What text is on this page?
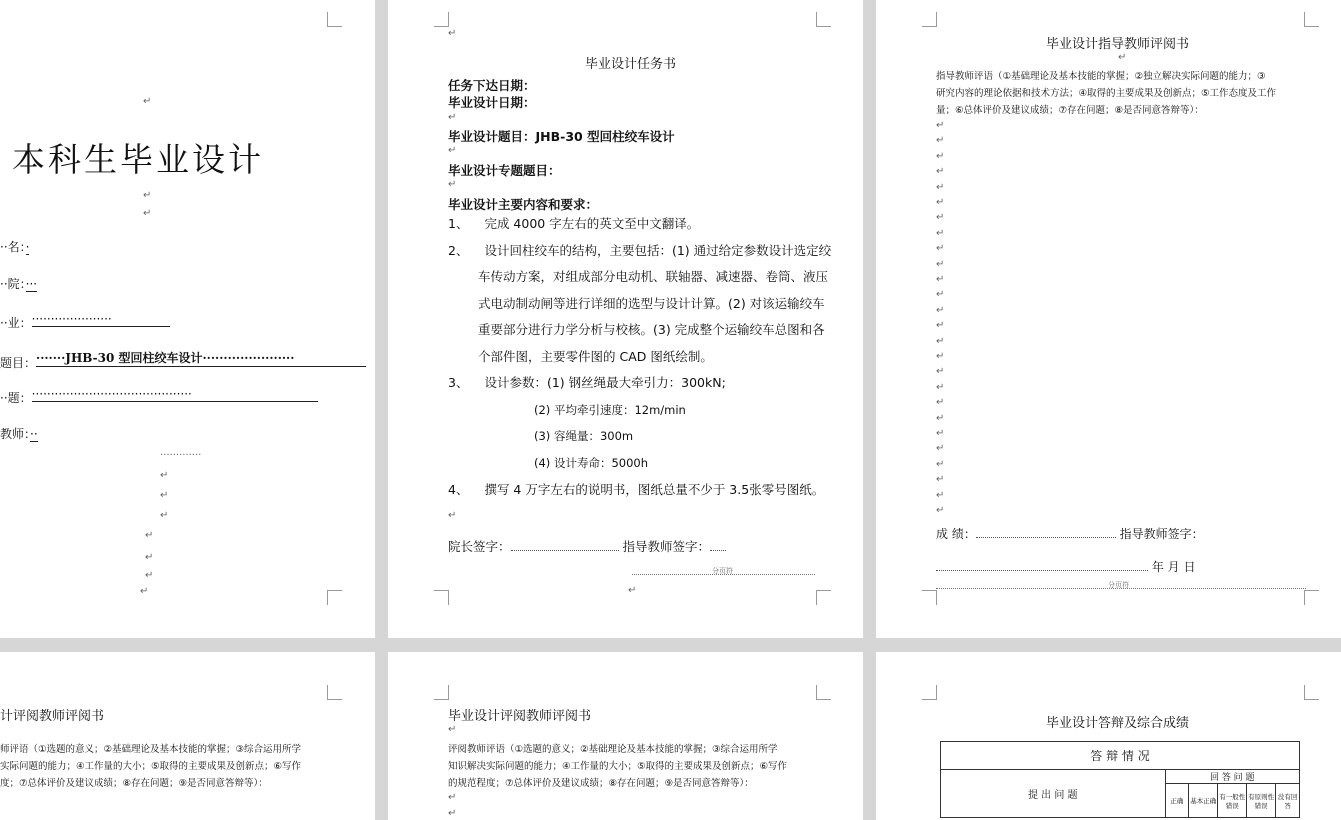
↵
本科生毕业设计
↵
↵
··名：·
··院：···
··业：·····················
题目：·······JHB-30 型回柱绞车设计······················
··题：··········································
教师：··
·············
↵
↵
↵
↵
↵
↵
↵
↵
毕业设计任务书
任务下达日期：
毕业设计日期：
↵
毕业设计题目：JHB-30 型回柱绞车设计
↵
毕业设计专题题目：
↵
毕业设计主要内容和要求：
1、 完成 4000 字左右的英文至中文翻译。
2、 设计回柱绞车的结构，主要包括：(1) 通过给定参数设计选定绞
车传动方案，对组成部分电动机、联轴器、减速器、卷筒、液压
式电动制动闸等进行详细的选型与设计计算。(2) 对该运输绞车
重要部分进行力学分析与校核。(3) 完成整个运输绞车总图和各
个部件图，主要零件图的 CAD 图纸绘制。
3、 设计参数：(1) 钢丝绳最大牵引力：300kN;
(2) 平均牵引速度：12m/min
(3) 容绳量：300m
(4) 设计寿命：5000h
4、 撰写 4 万字左右的说明书，图纸总量不少于 3.5张零号图纸。
↵
院长签字：	指导教师签字：
分页符
↵
毕业设计指导教师评阅书
↵
指导教师评语（①基础理论及基本技能的掌握；②独立解决实际问题的能力；③
研究内容的理论依据和技术方法；④取得的主要成果及创新点；⑤工作态度及工作
量；⑥总体评价及建议成绩；⑦存在问题；⑧是否同意答辩等）：
成 绩：	指导教师签字：
年 月 日
分页符
↵
↵
↵
↵
↵
↵
↵
↵
↵
↵
↵
↵
↵
↵
↵
↵
↵
↵
↵
↵
↵
↵
↵
↵
↵
↵
计评阅教师评阅书
师评语（①选题的意义；②基础理论及基本技能的掌握；③综合运用所学
实际问题的能力；④工作量的大小；⑤取得的主要成果及创新点；⑥写作
度；⑦总体评价及建议成绩；⑧存在问题；⑨是否同意答辩等）：
毕业设计评阅教师评阅书
↵
评阅教师评语（①选题的意义；②基础理论及基本技能的掌握；③综合运用所学
知识解决实际问题的能力；④工作量的大小；⑤取得的主要成果及创新点；⑥写作
的规范程度；⑦总体评价及建议成绩；⑧存在问题；⑨是否同意答辩等）：
↵
↵
毕业设计答辩及综合成绩
答 辩 情 况					
提 出 问 题	回 答 问 题				
	正确	基本正确	有一般性错误	有原则性错误	没有回答
